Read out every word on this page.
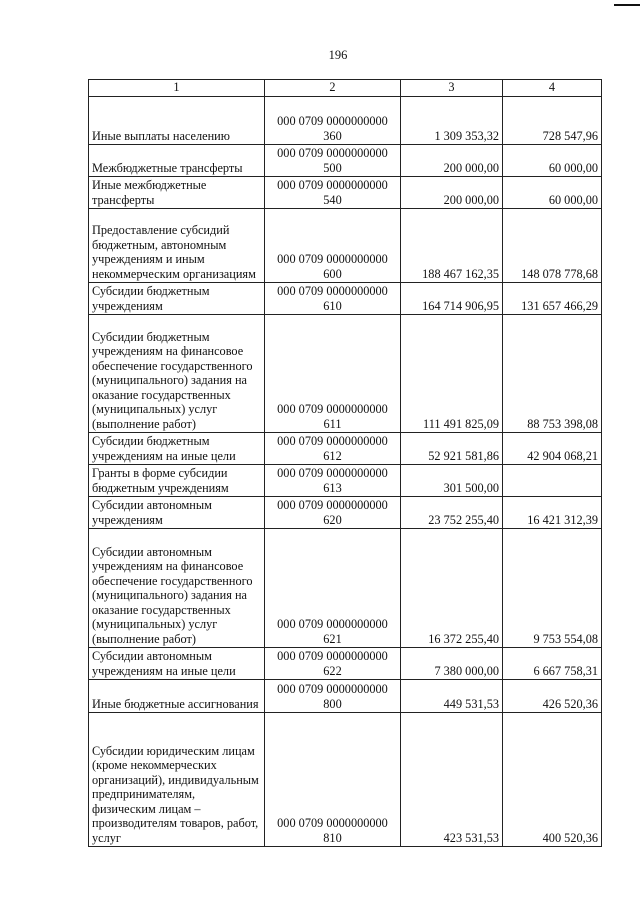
196
1	2	3	4
Иные выплаты населению	000 0709 0000000000 360	1 309 353,32	728 547,96
Межбюджетные трансферты	000 0709 0000000000 500	200 000,00	60 000,00
Иные межбюджетные трансферты	000 0709 0000000000 540	200 000,00	60 000,00
Предоставление субсидий бюджетным, автономным учреждениям и иным некоммерческим организациям	000 0709 0000000000 600	188 467 162,35	148 078 778,68
Субсидии бюджетным учреждениям	000 0709 0000000000 610	164 714 906,95	131 657 466,29
Субсидии бюджетным учреждениям на финансовое обеспечение государственного (муниципального) задания на оказание государственных (муниципальных) услуг (выполнение работ)	000 0709 0000000000 611	111 491 825,09	88 753 398,08
Субсидии бюджетным учреждениям на иные цели	000 0709 0000000000 612	52 921 581,86	42 904 068,21
Гранты в форме субсидии бюджетным учреждениям	000 0709 0000000000 613	301 500,00	
Субсидии автономным учреждениям	000 0709 0000000000 620	23 752 255,40	16 421 312,39
Субсидии автономным учреждениям на финансовое обеспечение государственного (муниципального) задания на оказание государственных (муниципальных) услуг (выполнение работ)	000 0709 0000000000 621	16 372 255,40	9 753 554,08
Субсидии автономным учреждениям на иные цели	000 0709 0000000000 622	7 380 000,00	6 667 758,31
Иные бюджетные ассигнования	000 0709 0000000000 800	449 531,53	426 520,36
Субсидии юридическим лицам (кроме некоммерческих организаций), индивидуальным предпринимателям, физическим лицам – производителям товаров, работ, услуг	000 0709 0000000000 810	423 531,53	400 520,36
